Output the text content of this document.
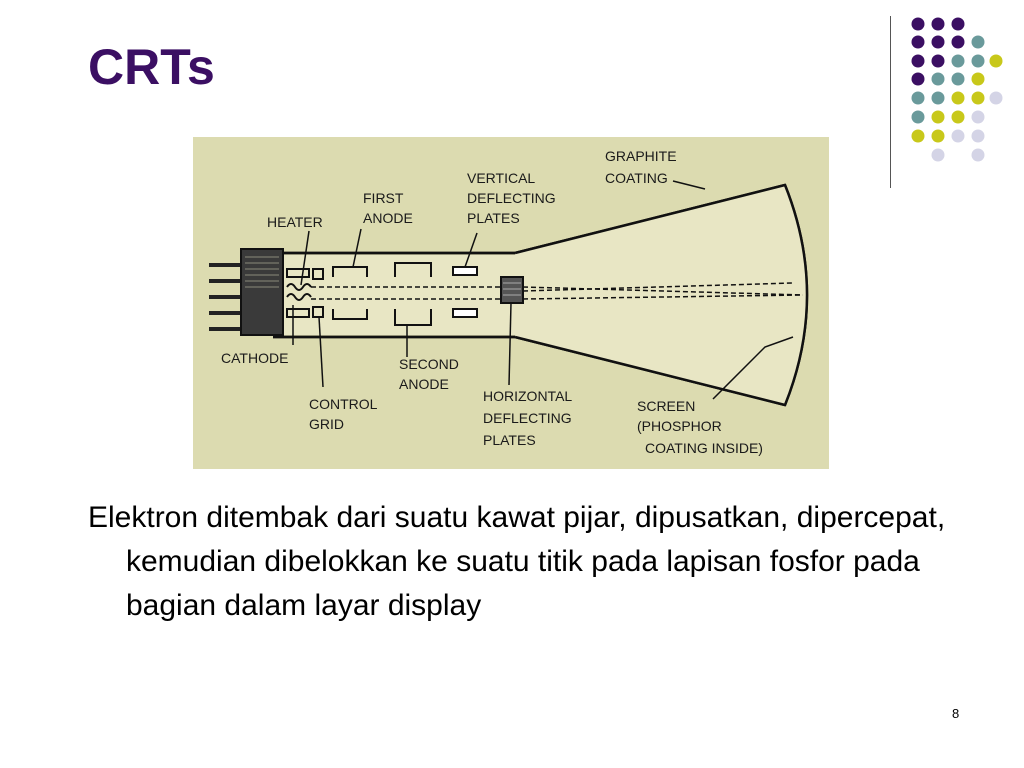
CRTs
HEATER
FIRST
ANODE
VERTICAL
DEFLECTING
PLATES
GRAPHITE
COATING
CATHODE
CONTROL
GRID
SECOND
ANODE
HORIZONTAL
DEFLECTING
PLATES
SCREEN
(PHOSPHOR
COATING INSIDE)

Elektron ditembak dari suatu kawat pijar, dipusatkan, dipercepat, kemudian dibelokkan ke suatu titik pada lapisan fosfor pada bagian dalam layar display

8
